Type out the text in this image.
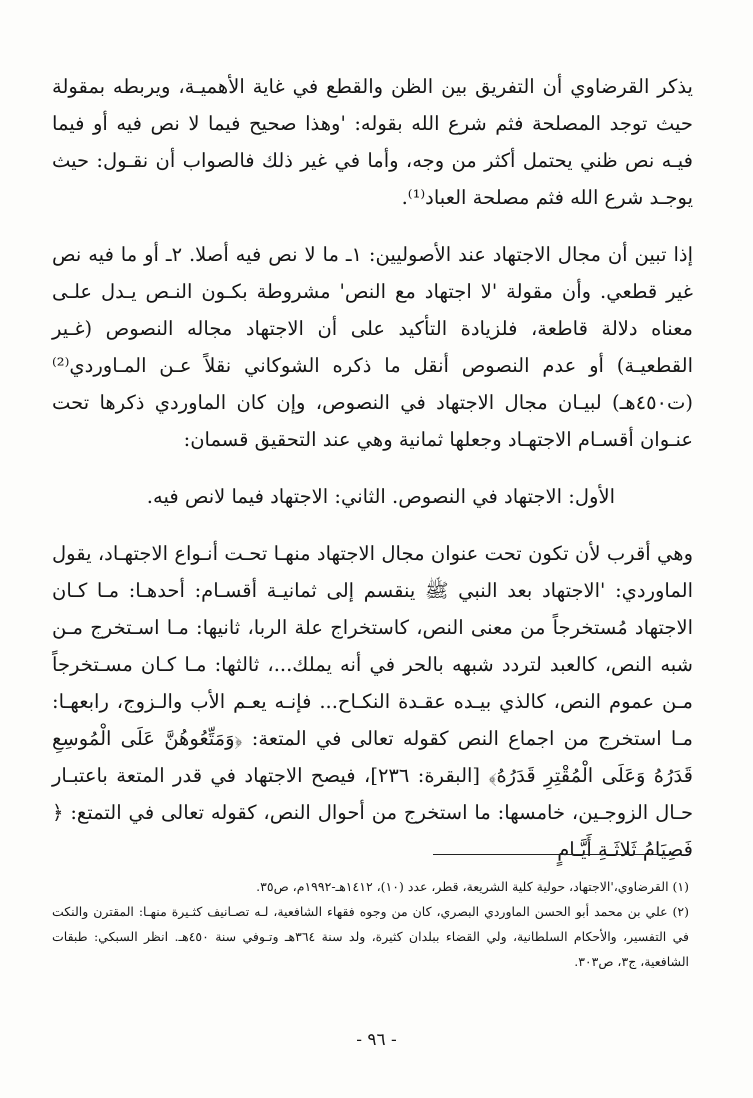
يذكر القرضاوي أن التفريق بين الظن والقطع في غاية الأهميـة، ويربطه بمقولة حيث توجد المصلحة فثم شرع الله بقوله: 'وهذا صحيح فيما لا نص فيه أو فيما فيـه نص ظني يحتمل أكثر من وجه، وأما في غير ذلك فالصواب أن نقـول: حيث يوجـد شرع الله فثم مصلحة العباد⁽¹⁾.

إذا تبين أن مجال الاجتهاد عند الأصوليين: ١ـ ما لا نص فيه أصلا. ٢ـ أو ما فيه نص غير قطعي. وأن مقولة 'لا اجتهاد مع النص' مشروطة بكـون النـص يـدل علـى معناه دلالة قاطعة، فلزيادة التأكيد على أن الاجتهاد مجاله النصوص (غـير القطعيـة) أو عدم النصوص أنقل ما ذكره الشوكاني نقلاً عـن المـاوردي⁽²⁾(ت٤٥٠هـ) لبيـان مجال الاجتهاد في النصوص، وإن كان الماوردي ذكرها تحت عنـوان أقسـام الاجتهـاد وجعلها ثمانية وهي عند التحقيق قسمان:

الأول: الاجتهاد في النصوص. الثاني: الاجتهاد فيما لانص فيه.

وهي أقرب لأن تكون تحت عنوان مجال الاجتهاد منهـا تحـت أنـواع الاجتهـاد، يقول الماوردي: 'الاجتهاد بعد النبي ﷺ ينقسم إلى ثمانيـة أقسـام: أحدهـا: مـا كـان الاجتهاد مُستخرجاً من معنى النص، كاستخراج علة الربا، ثانيها: مـا اسـتخرج مـن شبه النص، كالعبد لتردد شبهه بالحر في أنه يملك...، ثالثها: مـا كـان مسـتخرجاً مـن عموم النص، كالذي بيـده عقـدة النكـاح... فإنـه يعـم الأب والـزوج، رابعهـا: مـا استخرج من اجماع النص كقوله تعالى في المتعة: ﴿وَمَتِّعُوهُنَّ عَلَى الْمُوسِعِ قَدَرُهُ وَعَلَى الْمُقْتِرِ قَدَرُهُ﴾ [البقرة: ٢٣٦]، فيصح الاجتهاد في قدر المتعة باعتبـار حـال الزوجـين، خامسها: ما استخرج من أحوال النص، كقوله تعالى في التمتع: ﴿ فَصِيَامُ ثَلاثَـةِ أَيَّـامٍ

(١) القرضاوي،'الاجتهاد، حولية كلية الشريعة، قطر، عدد (١٠)، ١٤١٢هـ-١٩٩٢م، ص٣٥.

(٢) علي بن محمد أبو الحسن الماوردي البصري، كان من وجوه فقهاء الشافعية، لـه تصـانيف كثـيرة منهـا: المقترن والنكت في التفسير، والأحكام السلطانية، ولي القضاء ببلدان كثيرة، ولد سنة ٣٦٤هـ وتـوفي سنة ٤٥٠هـ. انظر السبكي: طبقات الشافعية، ج٣، ص٣٠٣.

- ٩٦ -
